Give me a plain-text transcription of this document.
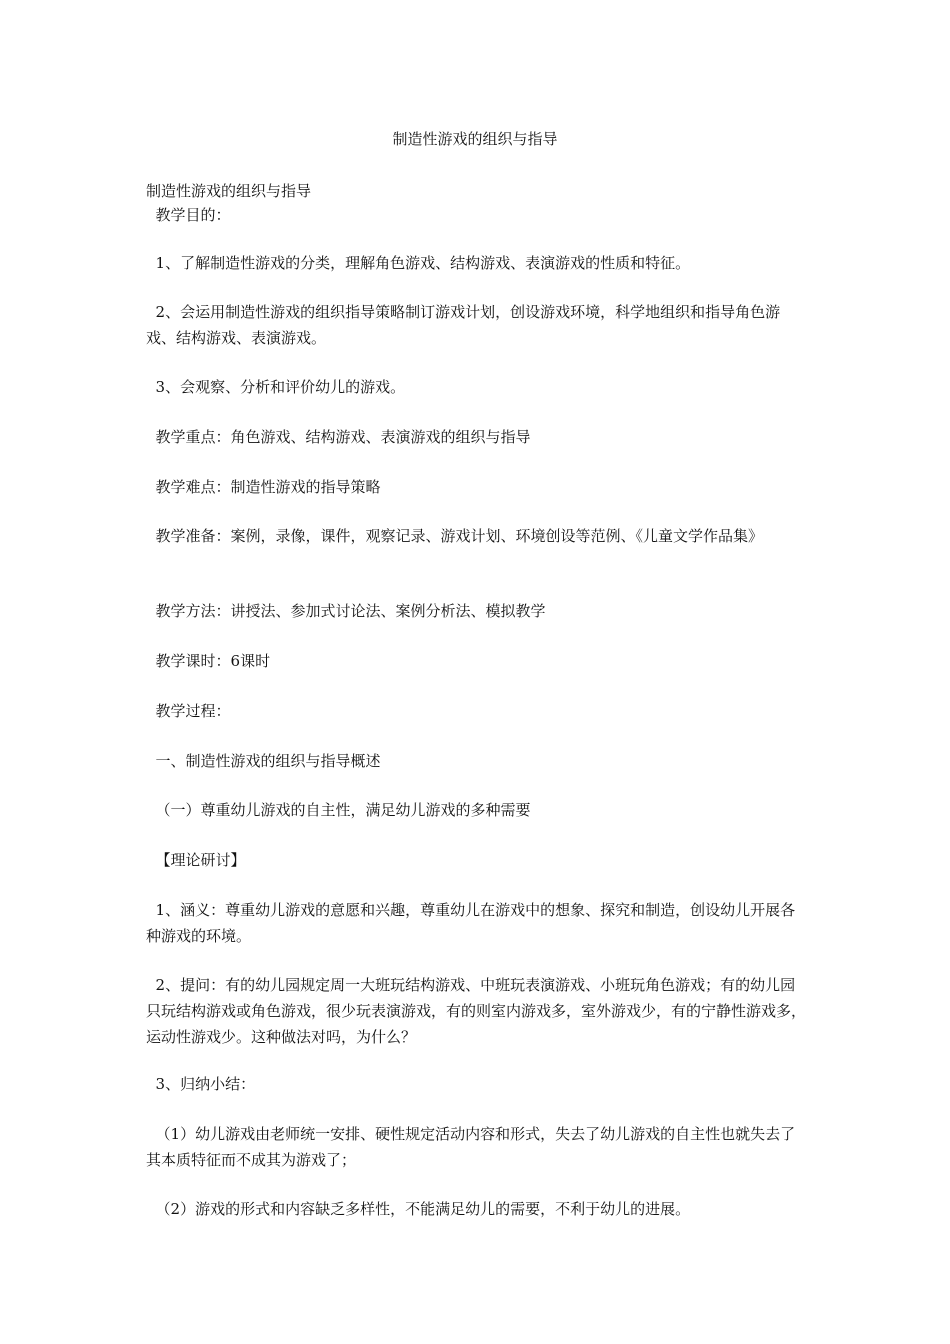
制造性游戏的组织与指导
制造性游戏的组织与指导
教学目的：
1、了解制造性游戏的分类，理解角色游戏、结构游戏、表演游戏的性质和特征。
2、会运用制造性游戏的组织指导策略制订游戏计划，创设游戏环境，科学地组织和指导角色游戏、结构游戏、表演游戏。
3、会观察、分析和评价幼儿的游戏。
教学重点：角色游戏、结构游戏、表演游戏的组织与指导
教学难点：制造性游戏的指导策略
教学准备：案例，录像，课件，观察记录、游戏计划、环境创设等范例、《儿童文学作品集》
教学方法：讲授法、参加式讨论法、案例分析法、模拟教学
教学课时：6课时
教学过程：
一、制造性游戏的组织与指导概述
（一）尊重幼儿游戏的自主性，满足幼儿游戏的多种需要
【理论研讨】
1、涵义：尊重幼儿游戏的意愿和兴趣，尊重幼儿在游戏中的想象、探究和制造，创设幼儿开展各种游戏的环境。
2、提问：有的幼儿园规定周一大班玩结构游戏、中班玩表演游戏、小班玩角色游戏；有的幼儿园只玩结构游戏或角色游戏，很少玩表演游戏，有的则室内游戏多，室外游戏少，有的宁静性游戏多，运动性游戏少。这种做法对吗，为什么？
3、归纳小结：
（1）幼儿游戏由老师统一安排、硬性规定活动内容和形式，失去了幼儿游戏的自主性也就失去了其本质特征而不成其为游戏了；
（2）游戏的形式和内容缺乏多样性，不能满足幼儿的需要，不利于幼儿的进展。
